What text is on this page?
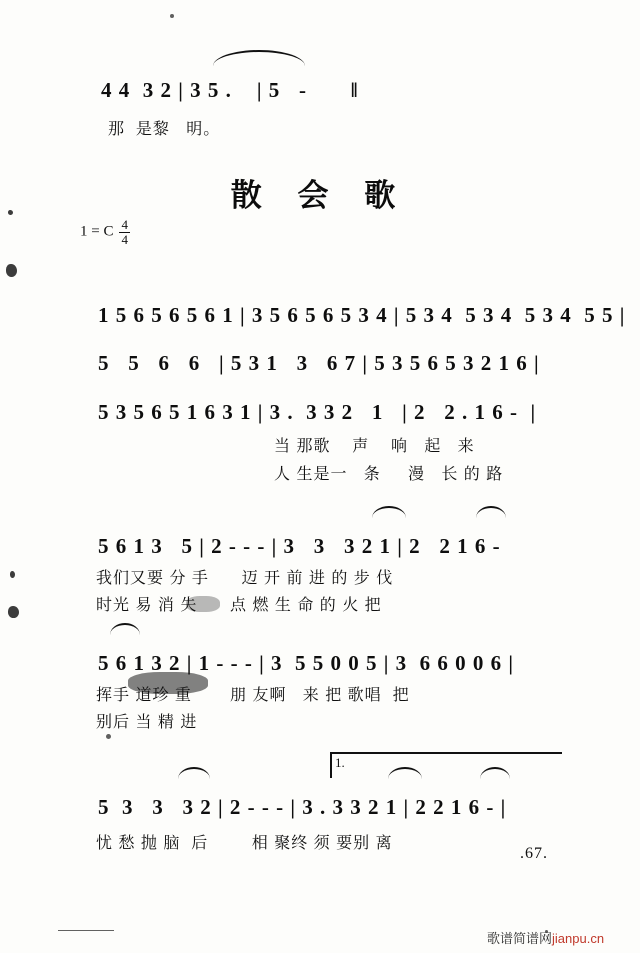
4 4  3 2 | 3 5 .    | 5   -       ‖

那  是黎   明。

散 会 歌
1 = C $\frac{4}{4}$

1 5 6 5 6 5 6 1 | 3 5 6 5 6 5 3 4 | 5 3 4  5 3 4  5 3 4  5 5 |

5   5   6   6   | 5 3 1   3   6 7 | 5 3 5 6 5 3 2 1 6 |

5 3 5 6 5 1 6 3 1 | 3 .  3 3 2   1   | 2   2 . 1 6 -  |

当 那歌    声    响   起   来

人 生是一   条     漫   长 的 路

5 6 1 3   5 | 2 - - - | 3   3   3 2 1 | 2   2 1 6 -

我们又要 分 手      迈 开 前 进 的 步 伐

时光 易 消 失      点 燃 生 命 的 火 把

5 6 1 3 2 | 1 - - - | 3  5 5 0 0 5 | 3  6 6 0 0 6 |

挥手 道珍 重       朋 友啊   来 把 歌唱  把

别后 当 精 进

1.

5  3   3   3 2 | 2 - - - | 3 . 3 3 2 1 | 2 2 1 6 - |

忧 愁 抛 脑  后        相 聚终 须 要别 离

.67.
歌谱简谱网jianpu.cn
